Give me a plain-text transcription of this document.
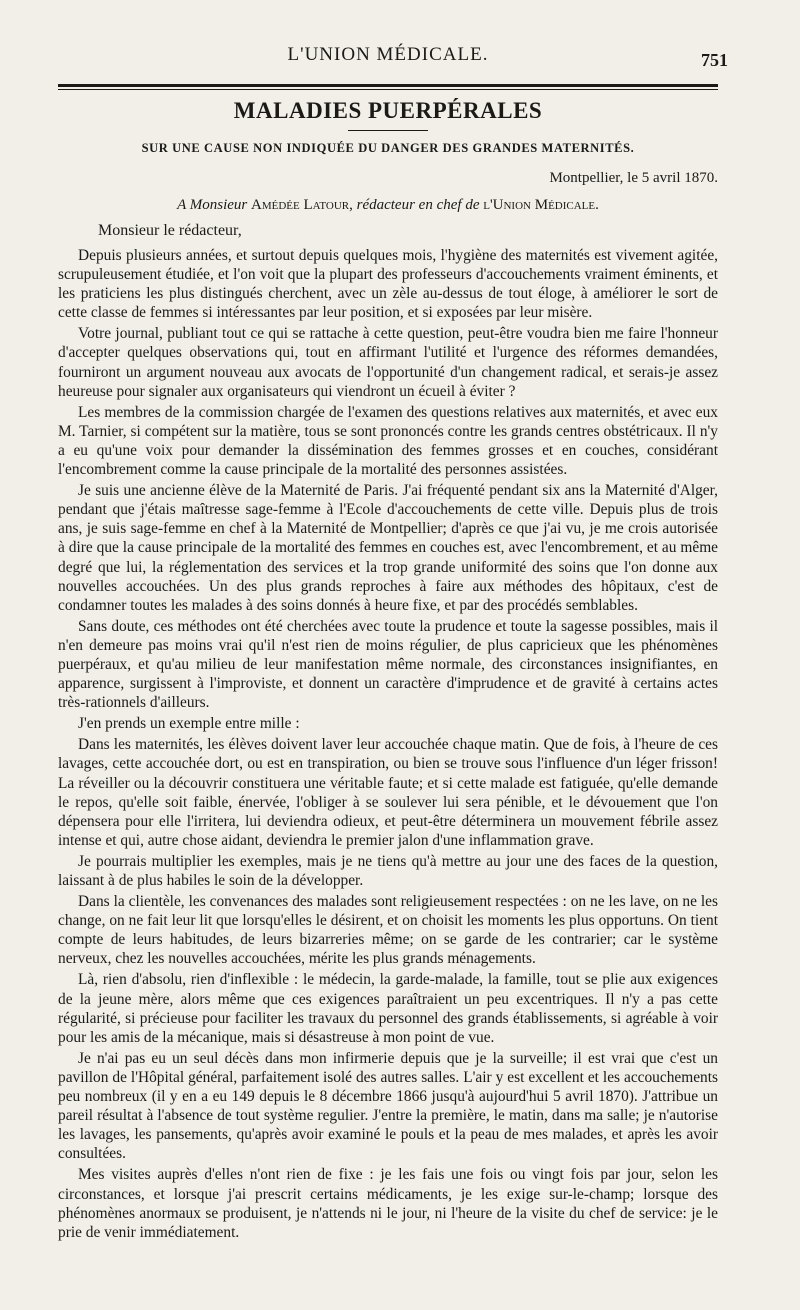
L'UNION MÉDICALE.	751
MALADIES PUERPÉRALES
SUR UNE CAUSE NON INDIQUÉE DU DANGER DES GRANDES MATERNITÉS.
Montpellier, le 5 avril 1870.
A Monsieur Amédée Latour, rédacteur en chef de l'Union Médicale.
Monsieur le rédacteur,

Depuis plusieurs années, et surtout depuis quelques mois, l'hygiène des maternités est vivement agitée, scrupuleusement étudiée, et l'on voit que la plupart des professeurs d'accouchements vraiment éminents, et les praticiens les plus distingués cherchent, avec un zèle au-dessus de tout éloge, à améliorer le sort de cette classe de femmes si intéressantes par leur position, et si exposées par leur misère.

Votre journal, publiant tout ce qui se rattache à cette question, peut-être voudra bien me faire l'honneur d'accepter quelques observations qui, tout en affirmant l'utilité et l'urgence des réformes demandées, fourniront un argument nouveau aux avocats de l'opportunité d'un changement radical, et serais-je assez heureuse pour signaler aux organisateurs qui viendront un écueil à éviter ?

Les membres de la commission chargée de l'examen des questions relatives aux maternités, et avec eux M. Tarnier, si compétent sur la matière, tous se sont prononcés contre les grands centres obstétricaux. Il n'y a eu qu'une voix pour demander la dissémination des femmes grosses et en couches, considérant l'encombrement comme la cause principale de la mortalité des personnes assistées.

Je suis une ancienne élève de la Maternité de Paris. J'ai fréquenté pendant six ans la Maternité d'Alger, pendant que j'étais maîtresse sage-femme à l'Ecole d'accouchements de cette ville. Depuis plus de trois ans, je suis sage-femme en chef à la Maternité de Montpellier; d'après ce que j'ai vu, je me crois autorisée à dire que la cause principale de la mortalité des femmes en couches est, avec l'encombrement, et au même degré que lui, la réglementation des services et la trop grande uniformité des soins que l'on donne aux nouvelles accouchées. Un des plus grands reproches à faire aux méthodes des hôpitaux, c'est de condamner toutes les malades à des soins donnés à heure fixe, et par des procédés semblables.

Sans doute, ces méthodes ont été cherchées avec toute la prudence et toute la sagesse possibles, mais il n'en demeure pas moins vrai qu'il n'est rien de moins régulier, de plus capricieux que les phénomènes puerpéraux, et qu'au milieu de leur manifestation même normale, des circonstances insignifiantes, en apparence, surgissent à l'improviste, et donnent un caractère d'imprudence et de gravité à certains actes très-rationnels d'ailleurs.

J'en prends un exemple entre mille :

Dans les maternités, les élèves doivent laver leur accouchée chaque matin. Que de fois, à l'heure de ces lavages, cette accouchée dort, ou est en transpiration, ou bien se trouve sous l'influence d'un léger frisson! La réveiller ou la découvrir constituera une véritable faute; et si cette malade est fatiguée, qu'elle demande le repos, qu'elle soit faible, énervée, l'obliger à se soulever lui sera pénible, et le dévouement que l'on dépensera pour elle l'irritera, lui deviendra odieux, et peut-être déterminera un mouvement fébrile assez intense et qui, autre chose aidant, deviendra le premier jalon d'une inflammation grave.

Je pourrais multiplier les exemples, mais je ne tiens qu'à mettre au jour une des faces de la question, laissant à de plus habiles le soin de la développer.

Dans la clientèle, les convenances des malades sont religieusement respectées : on ne les lave, on ne les change, on ne fait leur lit que lorsqu'elles le désirent, et on choisit les moments les plus opportuns. On tient compte de leurs habitudes, de leurs bizarreries même; on se garde de les contrarier; car le système nerveux, chez les nouvelles accouchées, mérite les plus grands ménagements.

Là, rien d'absolu, rien d'inflexible : le médecin, la garde-malade, la famille, tout se plie aux exigences de la jeune mère, alors même que ces exigences paraîtraient un peu excentriques. Il n'y a pas cette régularité, si précieuse pour faciliter les travaux du personnel des grands établissements, si agréable à voir pour les amis de la mécanique, mais si désastreuse à mon point de vue.

Je n'ai pas eu un seul décès dans mon infirmerie depuis que je la surveille; il est vrai que c'est un pavillon de l'Hôpital général, parfaitement isolé des autres salles. L'air y est excellent et les accouchements peu nombreux (il y en a eu 149 depuis le 8 décembre 1866 jusqu'à aujourd'hui 5 avril 1870). J'attribue un pareil résultat à l'absence de tout système regulier. J'entre la première, le matin, dans ma salle; je n'autorise les lavages, les pansements, qu'après avoir examiné le pouls et la peau de mes malades, et après les avoir consultées.

Mes visites auprès d'elles n'ont rien de fixe : je les fais une fois ou vingt fois par jour, selon les circonstances, et lorsque j'ai prescrit certains médicaments, je les exige sur-le-champ; lorsque des phénomènes anormaux se produisent, je n'attends ni le jour, ni l'heure de la visite du chef de service: je le prie de venir immédiatement.
